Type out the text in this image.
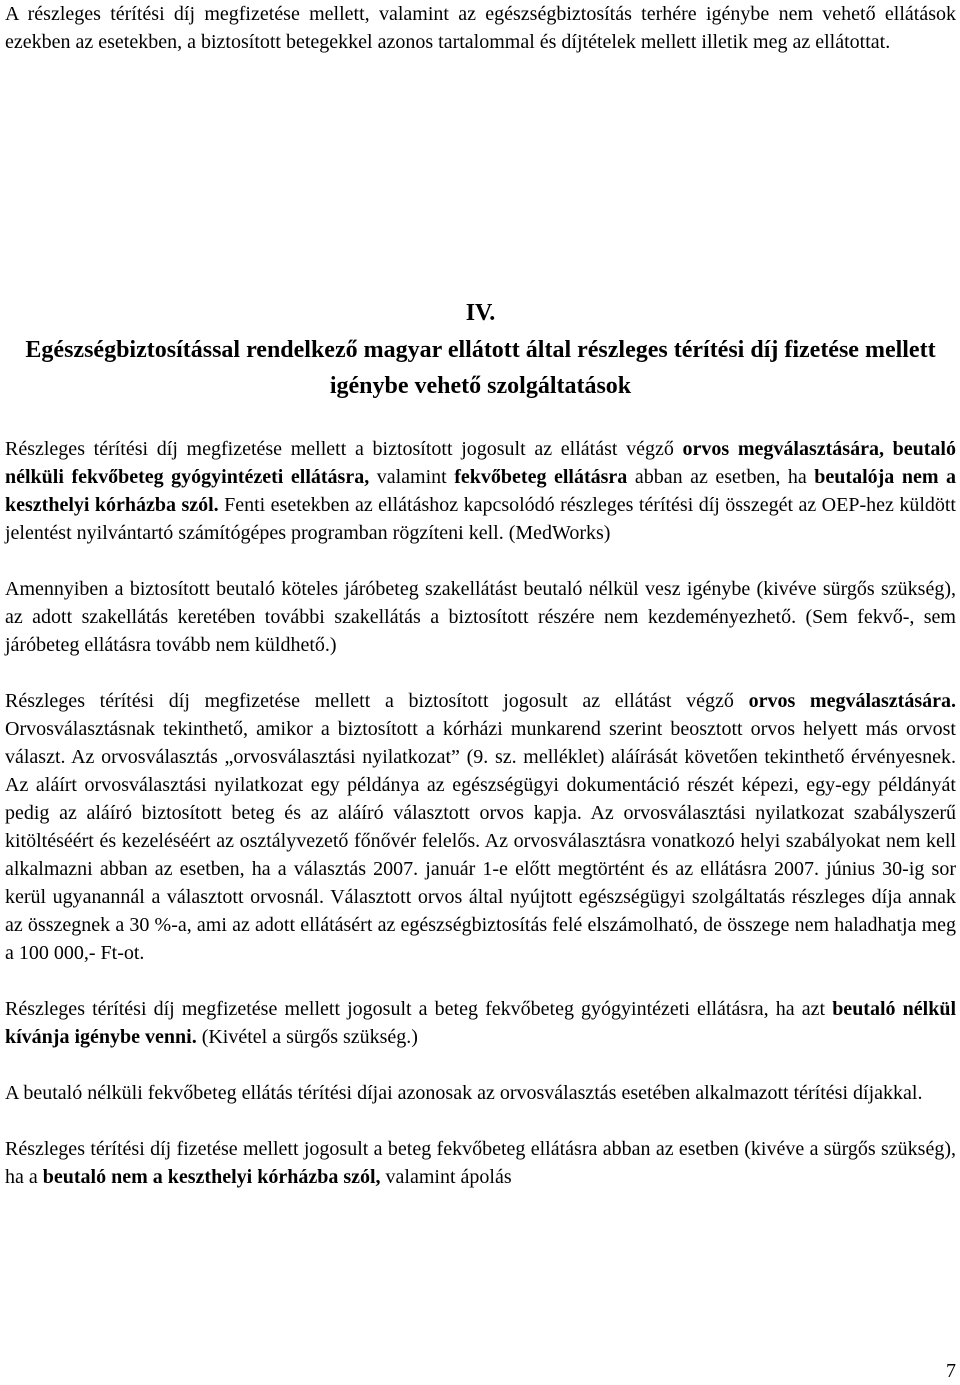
A részleges térítési díj megfizetése mellett, valamint az egészségbiztosítás terhére igénybe nem vehető ellátások ezekben az esetekben, a biztosított betegekkel azonos tartalommal és díjtételek mellett illetik meg az ellátottat.

IV.
Egészségbiztosítással rendelkező magyar ellátott által részleges térítési díj fizetése mellett igénybe vehető szolgáltatások

Részleges térítési díj megfizetése mellett a biztosított jogosult az ellátást végző orvos megválasztására, beutaló nélküli fekvőbeteg gyógyintézeti ellátásra, valamint fekvőbeteg ellátásra abban az esetben, ha beutalója nem a keszthelyi kórházba szól. Fenti esetekben az ellátáshoz kapcsolódó részleges térítési díj összegét az OEP-hez küldött jelentést nyilvántartó számítógépes programban rögzíteni kell. (MedWorks)

Amennyiben a biztosított beutaló köteles járóbeteg szakellátást beutaló nélkül vesz igénybe (kivéve sürgős szükség), az adott szakellátás keretében további szakellátás a biztosított részére nem kezdeményezhető. (Sem fekvő-, sem járóbeteg ellátásra tovább nem küldhető.)

Részleges térítési díj megfizetése mellett a biztosított jogosult az ellátást végző orvos megválasztására. Orvosválasztásnak tekinthető, amikor a biztosított a kórházi munkarend szerint beosztott orvos helyett más orvost választ. Az orvosválasztás „orvosválasztási nyilatkozat” (9. sz. melléklet) aláírását követően tekinthető érvényesnek. Az aláírt orvosválasztási nyilatkozat egy példánya az egészségügyi dokumentáció részét képezi, egy-egy példányát pedig az aláíró biztosított beteg és az aláíró választott orvos kapja. Az orvosválasztási nyilatkozat szabályszerű kitöltéséért és kezeléséért az osztályvezető főnővér felelős. Az orvosválasztásra vonatkozó helyi szabályokat nem kell alkalmazni abban az esetben, ha a választás 2007. január 1-e előtt megtörtént és az ellátásra 2007. június 30-ig sor kerül ugyanannál a választott orvosnál. Választott orvos által nyújtott egészségügyi szolgáltatás részleges díja annak az összegnek a 30 %-a, ami az adott ellátásért az egészségbiztosítás felé elszámolható, de összege nem haladhatja meg a 100 000,- Ft-ot.

Részleges térítési díj megfizetése mellett jogosult a beteg fekvőbeteg gyógyintézeti ellátásra, ha azt beutaló nélkül kívánja igénybe venni. (Kivétel a sürgős szükség.)

A beutaló nélküli fekvőbeteg ellátás térítési díjai azonosak az orvosválasztás esetében alkalmazott térítési díjakkal.

Részleges térítési díj fizetése mellett jogosult a beteg fekvőbeteg ellátásra abban az esetben (kivéve a sürgős szükség), ha a beutaló nem a keszthelyi kórházba szól, valamint ápolás

7
